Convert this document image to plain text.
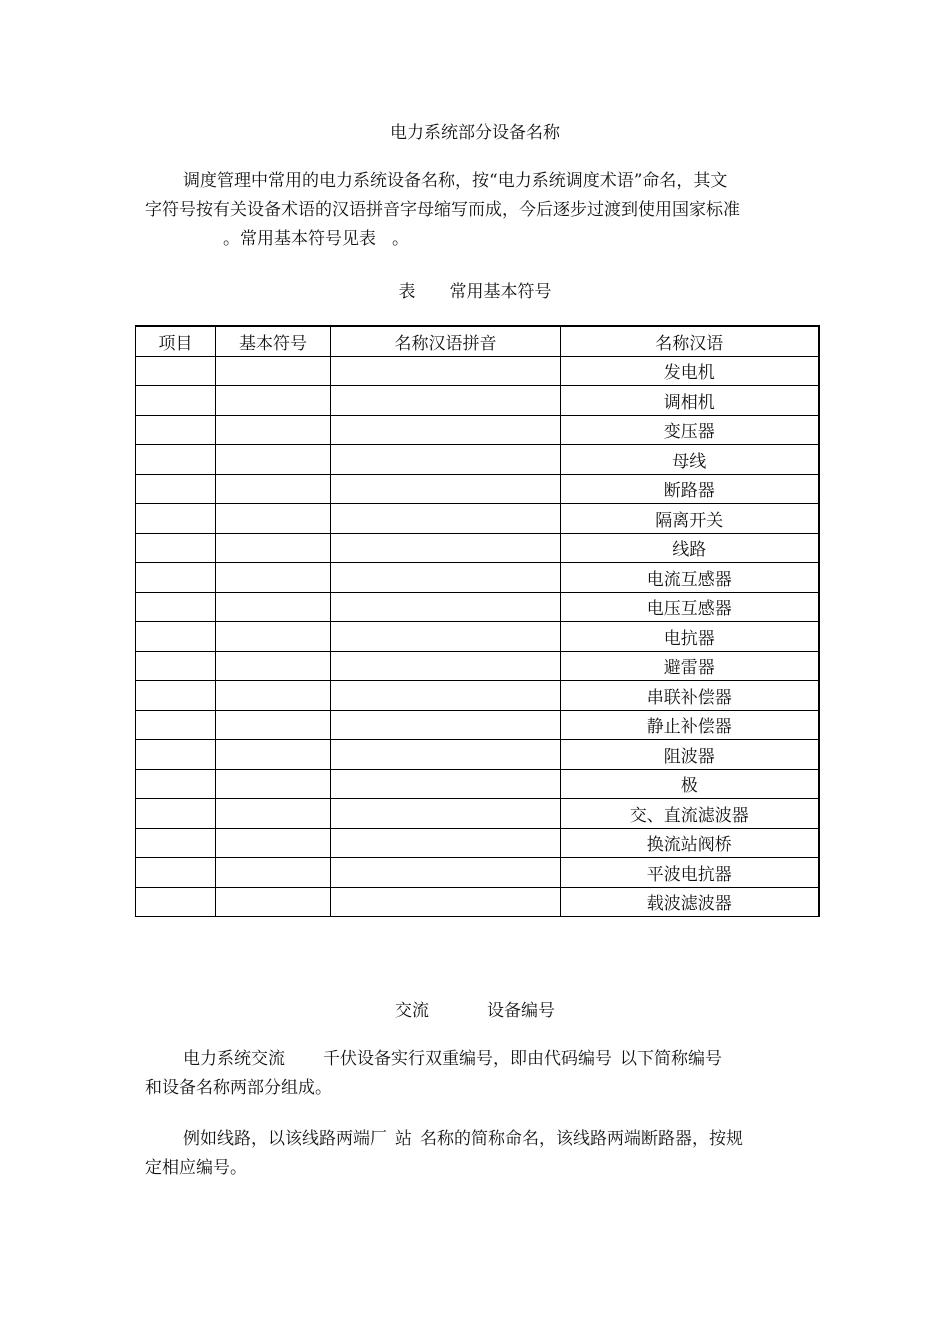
电力系统部分设备名称
调度管理中常用的电力系统设备名称，按“电力系统调度术语”命名，其文
字符号按有关设备术语的汉语拼音字母缩写而成，今后逐步过渡到使用国家标准
。常用基本符号见表 。
表 常用基本符号
项目	基本符号	名称汉语拼音	名称汉语
			发电机
			调相机
			变压器
			母线
			断路器
			隔离开关
			线路
			电流互感器
			电压互感器
			电抗器
			避雷器
			串联补偿器
			静止补偿器
			阻波器
			极
			交、直流滤波器
			换流站阀桥
			平波电抗器
			载波滤波器
交流	设备编号
电力系统交流 千伏设备实行双重编号，即由代码编号 以下简称编号
和设备名称两部分组成。
例如线路，以该线路两端厂 站 名称的简称命名，该线路两端断路器，按规
定相应编号。
